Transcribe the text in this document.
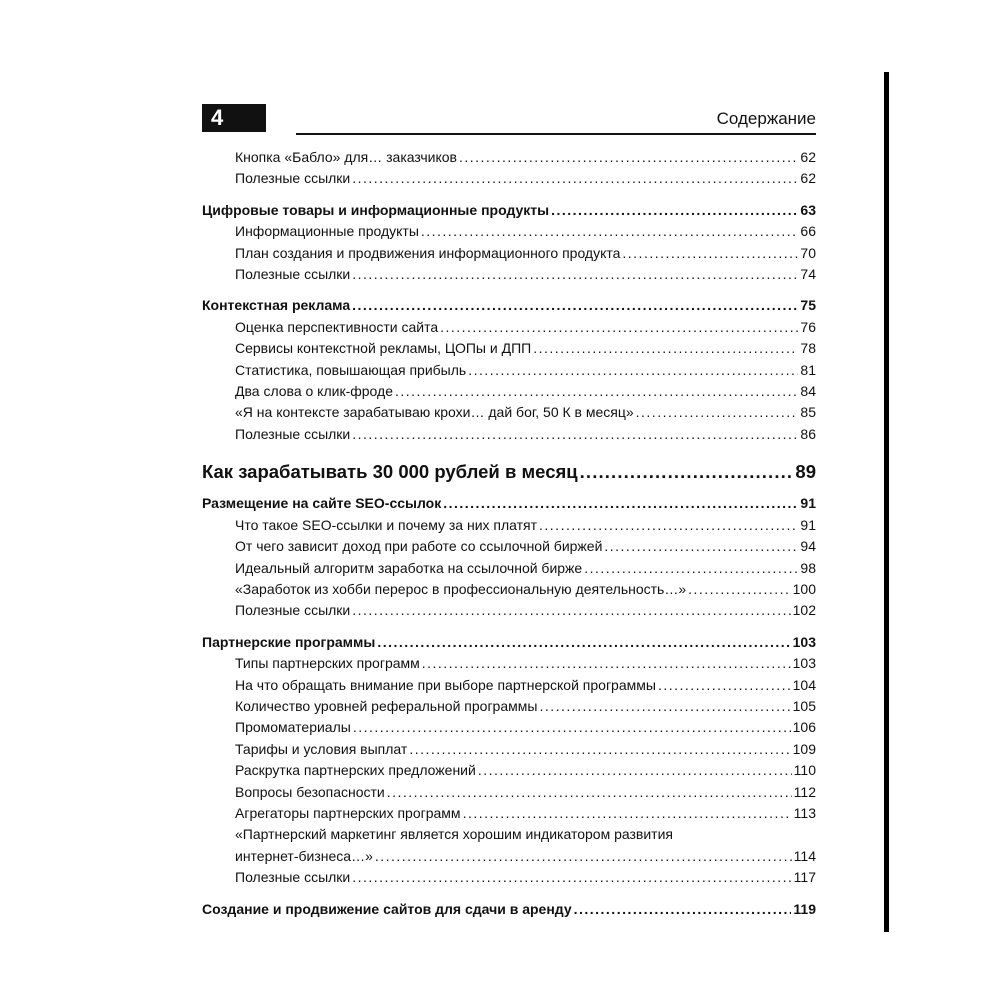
4	Содержание
Кнопка «Бабло» для… заказчиков . . .	62
Полезные ссылки . . .	62
Цифровые товары и информационные продукты . . .	63
Информационные продукты . . .	66
План создания и продвижения информационного продукта . . .	70
Полезные ссылки . . .	74
Контекстная реклама . . .	75
Оценка перспективности сайта . . .	76
Сервисы контекстной рекламы, ЦОПы и ДПП . . .	78
Статистика, повышающая прибыль . . .	81
Два слова о клик-фроде . . .	84
«Я на контексте зарабатываю крохи… дай бог, 50 К в месяц» . . .	85
Полезные ссылки . . .	86
Как зарабатывать 30 000 рублей в месяц . . .	89
Размещение на сайте SEO-ссылок . . .	91
Что такое SEO-ссылки и почему за них платят . . .	91
От чего зависит доход при работе со ссылочной биржей . . .	94
Идеальный алгоритм заработка на ссылочной бирже . . .	98
«Заработок из хобби перерос в профессиональную деятельность…» . . .	100
Полезные ссылки . . .	102
Партнерские программы . . .	103
Типы партнерских программ . . .	103
На что обращать внимание при выборе партнерской программы . . .	104
Количество уровней реферальной программы . . .	105
Промоматериалы . . .	106
Тарифы и условия выплат . . .	109
Раскрутка партнерских предложений . . .	110
Вопросы безопасности . . .	112
Агрегаторы партнерских программ . . .	113
«Партнерский маркетинг является хорошим индикатором развития
интернет-бизнеса…» . . .	114
Полезные ссылки . . .	117
Создание и продвижение сайтов для сдачи в аренду . . .	119
